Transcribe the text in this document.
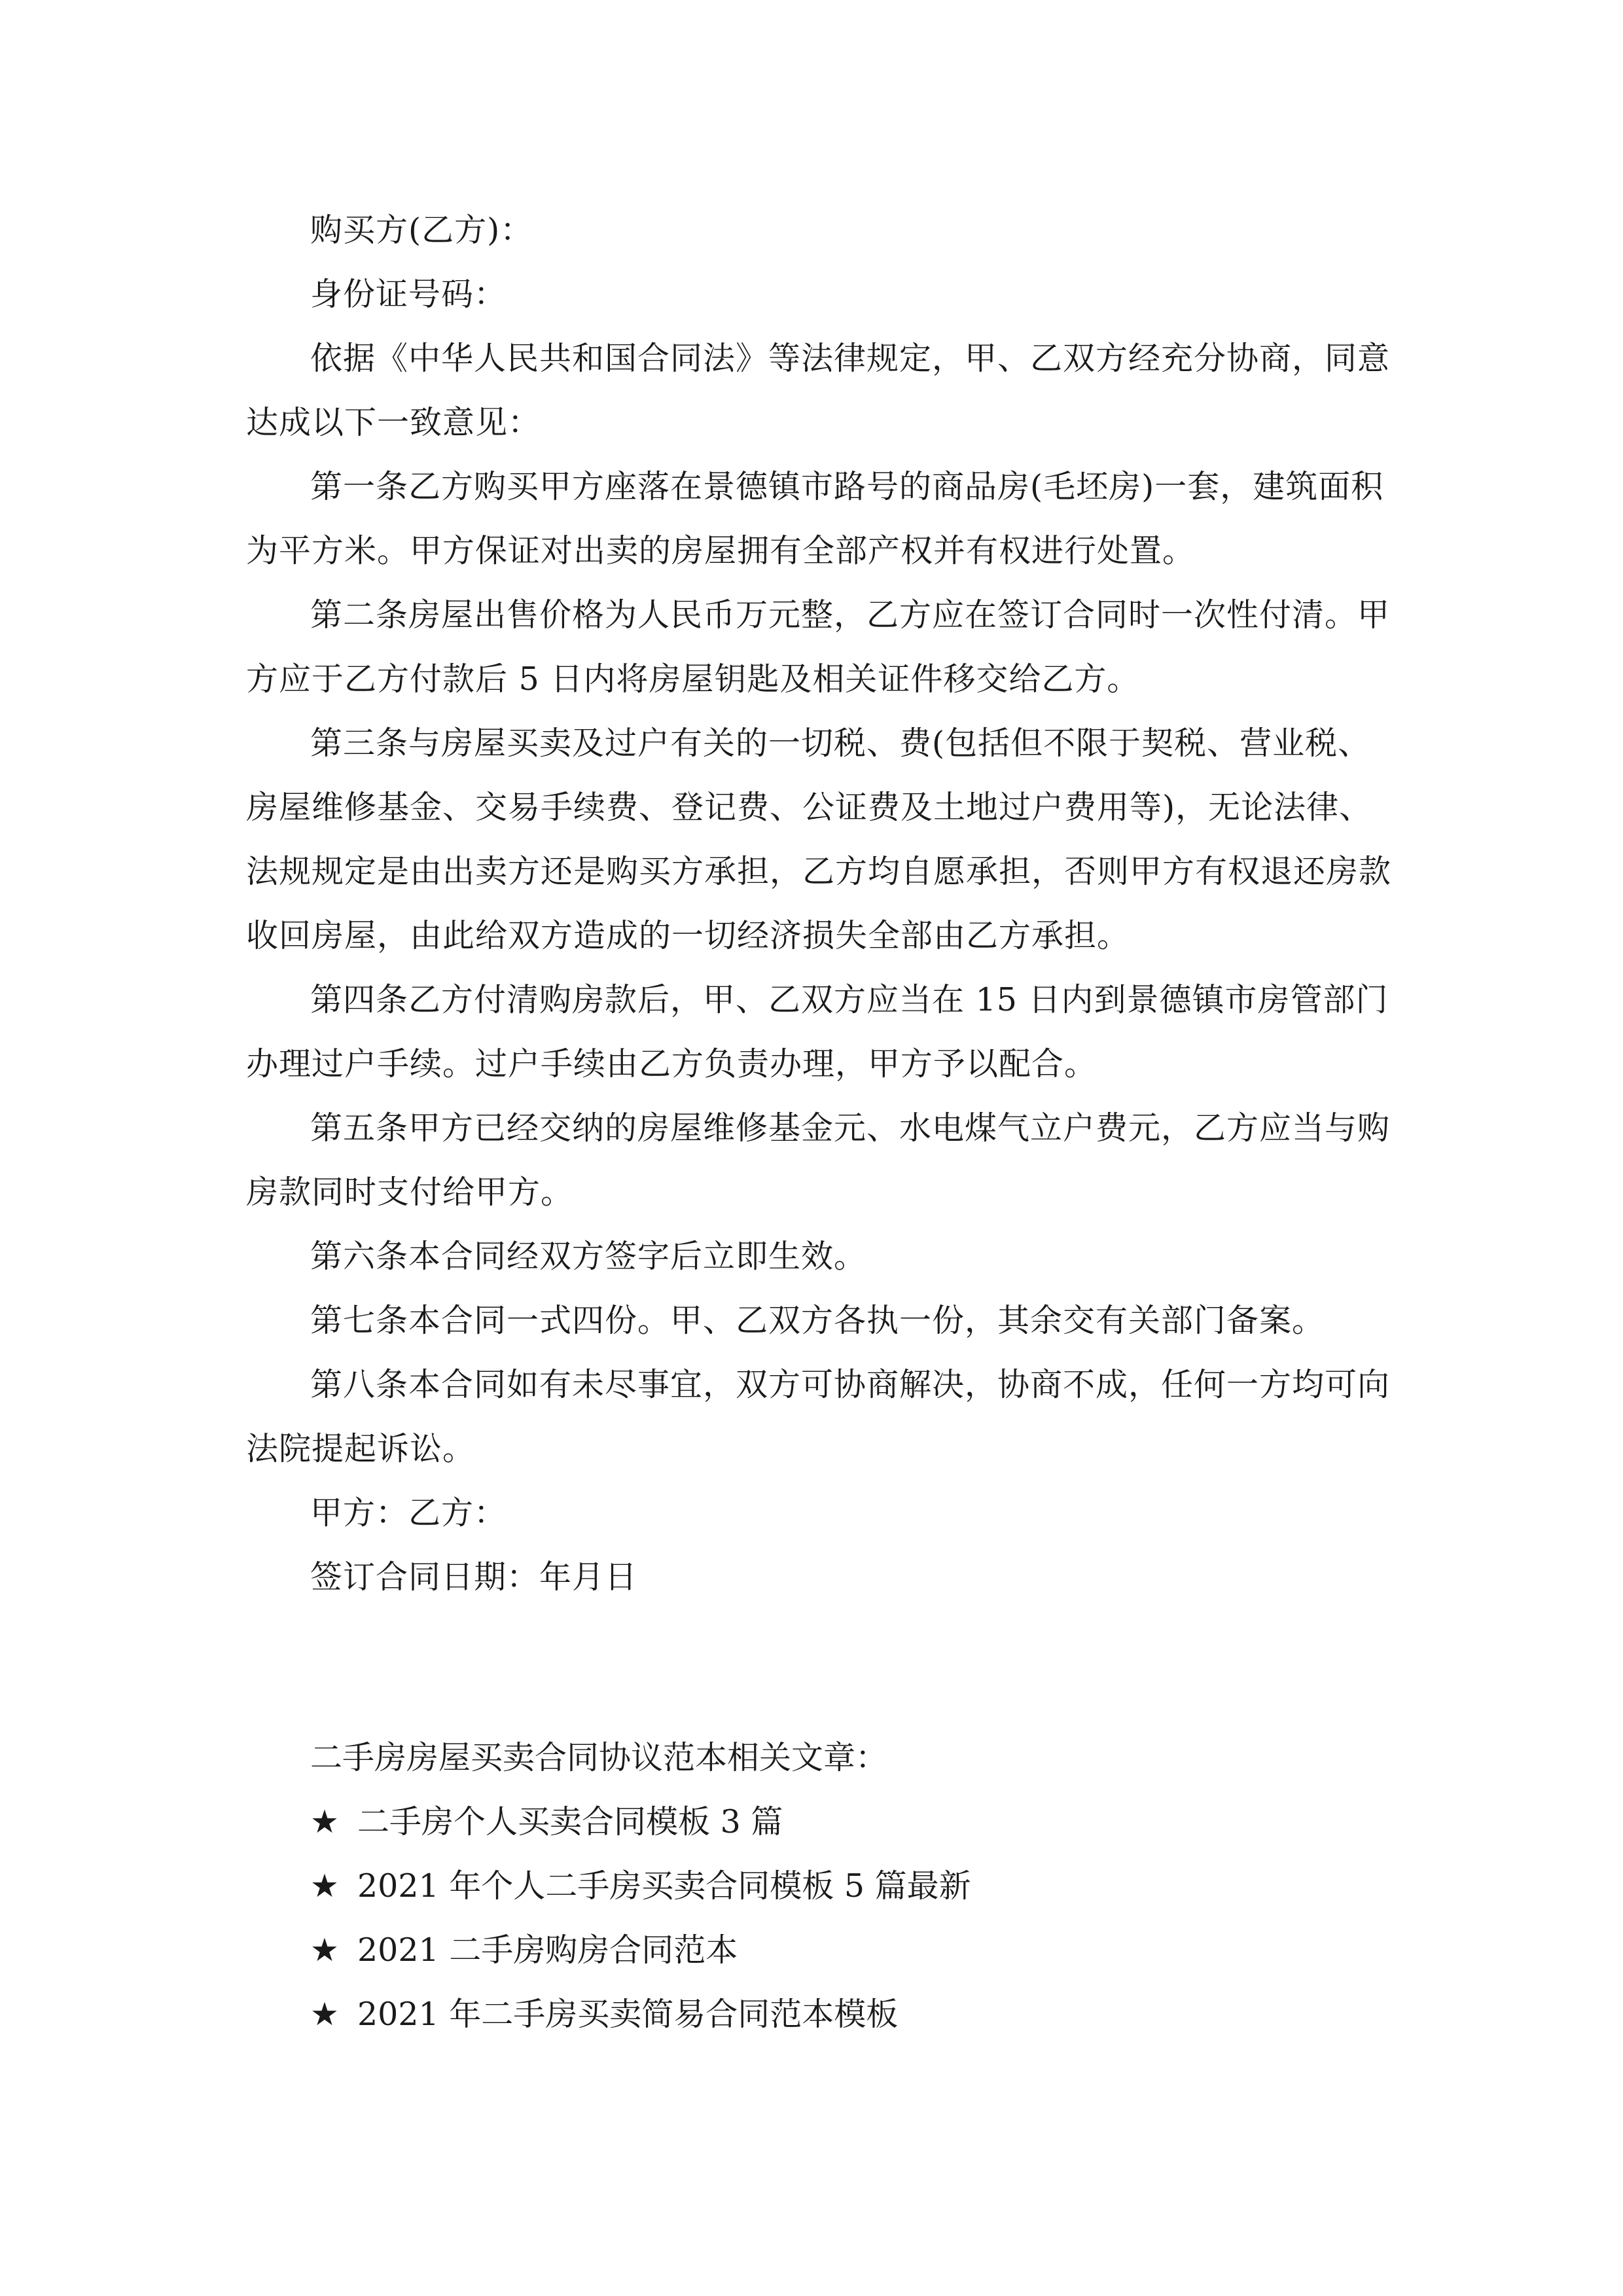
购买方(乙方)：
身份证号码：
依据《中华人民共和国合同法》等法律规定，甲、乙双方经充分协商，同意
达成以下一致意见：
第一条乙方购买甲方座落在景德镇市路号的商品房(毛坯房)一套，建筑面积
为平方米。甲方保证对出卖的房屋拥有全部产权并有权进行处置。
第二条房屋出售价格为人民币万元整，乙方应在签订合同时一次性付清。甲
方应于乙方付款后 5 日内将房屋钥匙及相关证件移交给乙方。
第三条与房屋买卖及过户有关的一切税、费(包括但不限于契税、营业税、
房屋维修基金、交易手续费、登记费、公证费及土地过户费用等)，无论法律、
法规规定是由出卖方还是购买方承担，乙方均自愿承担，否则甲方有权退还房款
收回房屋，由此给双方造成的一切经济损失全部由乙方承担。
第四条乙方付清购房款后，甲、乙双方应当在 15 日内到景德镇市房管部门
办理过户手续。过户手续由乙方负责办理，甲方予以配合。
第五条甲方已经交纳的房屋维修基金元、水电煤气立户费元，乙方应当与购
房款同时支付给甲方。
第六条本合同经双方签字后立即生效。
第七条本合同一式四份。甲、乙双方各执一份，其余交有关部门备案。
第八条本合同如有未尽事宜，双方可协商解决，协商不成，任何一方均可向
法院提起诉讼。
甲方：乙方：
签订合同日期：年月日
二手房房屋买卖合同协议范本相关文章：
★ 二手房个人买卖合同模板 3 篇
★ 2021 年个人二手房买卖合同模板 5 篇最新
★ 2021 二手房购房合同范本
★ 2021 年二手房买卖简易合同范本模板
